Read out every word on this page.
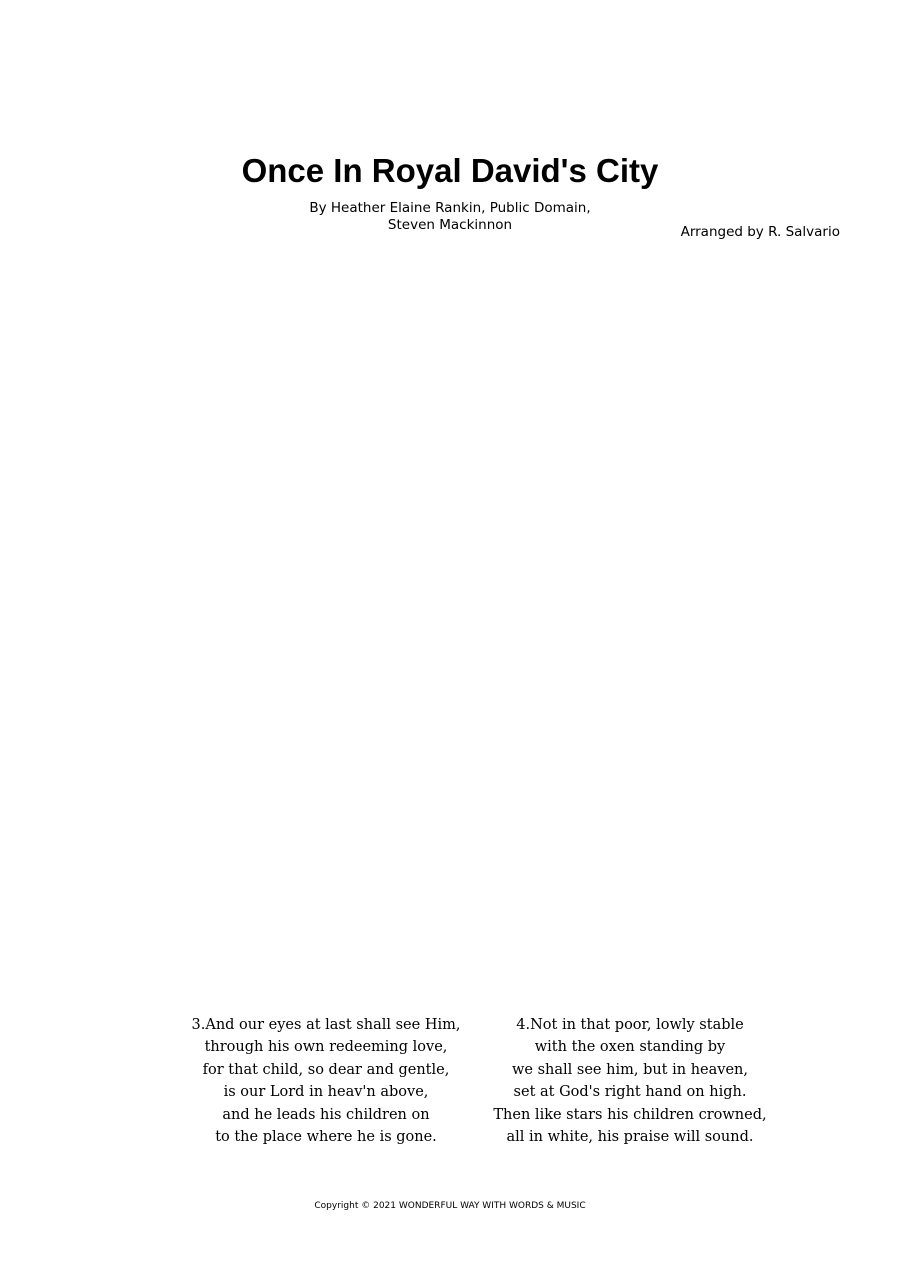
Once In Royal David's City
By Heather Elaine Rankin, Public Domain,
Steven Mackinnon	Arranged by R. Salvario
3.And our eyes at last shall see Him,
through his own redeeming love,
for that child, so dear and gentle,
is our Lord in heav'n above,
and he leads his children on
to the place where he is gone.
4.Not in that poor, lowly stable
with the oxen standing by
we shall see him, but in heaven,
set at God's right hand on high.
Then like stars his children crowned,
all in white, his praise will sound.
Copyright © 2021 WONDERFUL WAY WITH WORDS & MUSIC
